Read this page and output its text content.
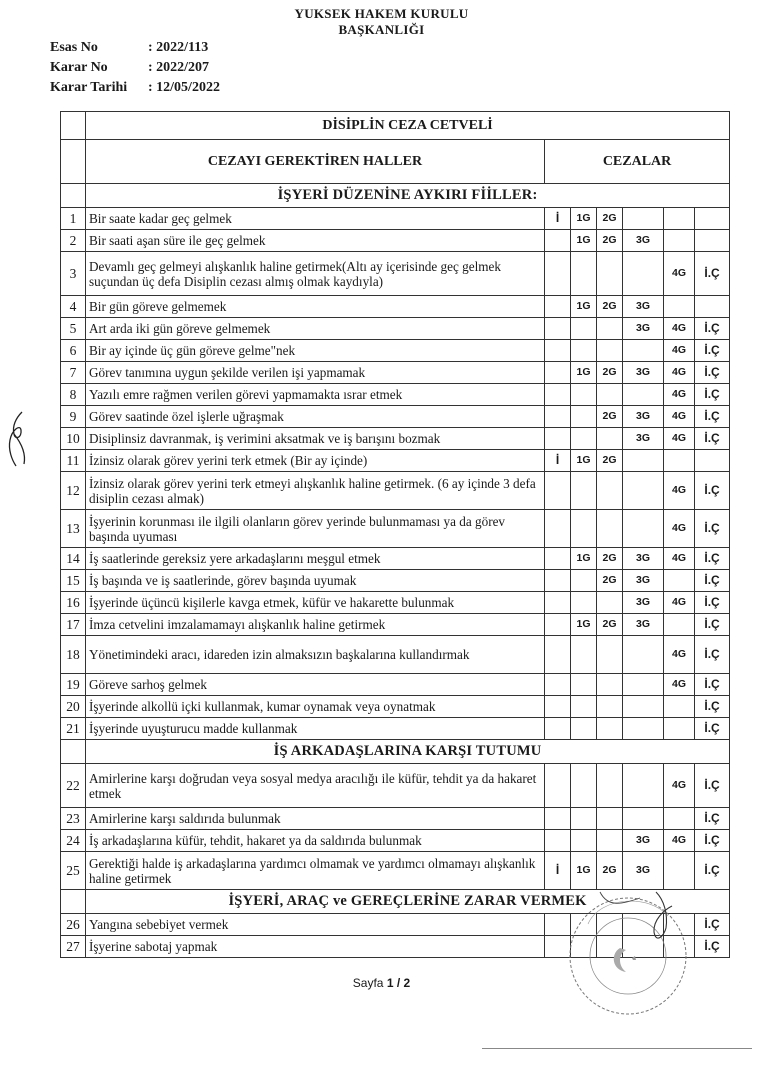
YUKSEK HAKEM KURULU
BAŞKANLIĞI
Esas No	: 2022/113
Karar No	: 2022/207
Karar Tarihi	: 12/05/2022
	DİSİPLİN CEZA CETVELİ						
	CEZAYI GEREKTİREN HALLER	CEZALAR					
	İŞYERİ DÜZENİNE AYKIRI FİİLLER:						
1	Bir saate kadar geç gelmek	İ	1G	2G			
2	Bir saati aşan süre ile geç gelmek		1G	2G	3G		
3	Devamlı geç gelmeyi alışkanlık haline getirmek(Altı ay içerisinde geç gelmek suçundan üç defa Disiplin cezası almış olmak kaydıyla)					4G	İ.Ç
4	Bir gün göreve gelmemek		1G	2G	3G		
5	Art arda iki gün göreve gelmemek				3G	4G	İ.Ç
6	Bir ay içinde üç gün göreve gelme"nek					4G	İ.Ç
7	Görev tanımına uygun şekilde verilen işi yapmamak		1G	2G	3G	4G	İ.Ç
8	Yazılı emre rağmen verilen görevi yapmamakta ısrar etmek					4G	İ.Ç
9	Görev saatinde özel işlerle uğraşmak			2G	3G	4G	İ.Ç
10	Disiplinsiz davranmak, iş verimini aksatmak ve iş barışını bozmak				3G	4G	İ.Ç
11	İzinsiz olarak görev yerini terk etmek (Bir ay içinde)	İ	1G	2G			
12	İzinsiz olarak görev yerini terk etmeyi alışkanlık haline getirmek. (6 ay içinde 3 defa disiplin cezası almak)					4G	İ.Ç
13	İşyerinin korunması ile ilgili olanların görev yerinde bulunmaması ya da görev başında uyuması					4G	İ.Ç
14	İş saatlerinde gereksiz yere arkadaşlarını meşgul etmek		1G	2G	3G	4G	İ.Ç
15	İş başında ve iş saatlerinde, görev başında uyumak			2G	3G		İ.Ç
16	İşyerinde üçüncü kişilerle kavga etmek, küfür ve hakarette bulunmak				3G	4G	İ.Ç
17	İmza cetvelini imzalamamayı alışkanlık haline getirmek		1G	2G	3G		İ.Ç
18	Yönetimindeki aracı, idareden izin almaksızın başkalarına kullandırmak					4G	İ.Ç
19	Göreve sarhoş gelmek					4G	İ.Ç
20	İşyerinde alkollü içki kullanmak, kumar oynamak veya oynatmak						İ.Ç
21	İşyerinde uyuşturucu madde kullanmak						İ.Ç
	İŞ ARKADAŞLARINA KARŞI TUTUMU						
22	Amirlerine karşı doğrudan veya sosyal medya aracılığı ile küfür, tehdit ya da hakaret etmek					4G	İ.Ç
23	Amirlerine karşı saldırıda bulunmak						İ.Ç
24	İş arkadaşlarına küfür, tehdit, hakaret ya da saldırıda bulunmak				3G	4G	İ.Ç
25	Gerektiği halde iş arkadaşlarına yardımcı olmamak ve yardımcı olmamayı alışkanlık haline getirmek	İ	1G	2G	3G		İ.Ç
	İŞYERİ, ARAÇ ve GEREÇLERİNE ZARAR VERMEK						
26	Yangına sebebiyet vermek						İ.Ç
27	İşyerine sabotaj yapmak						İ.Ç
Sayfa 1 / 2
